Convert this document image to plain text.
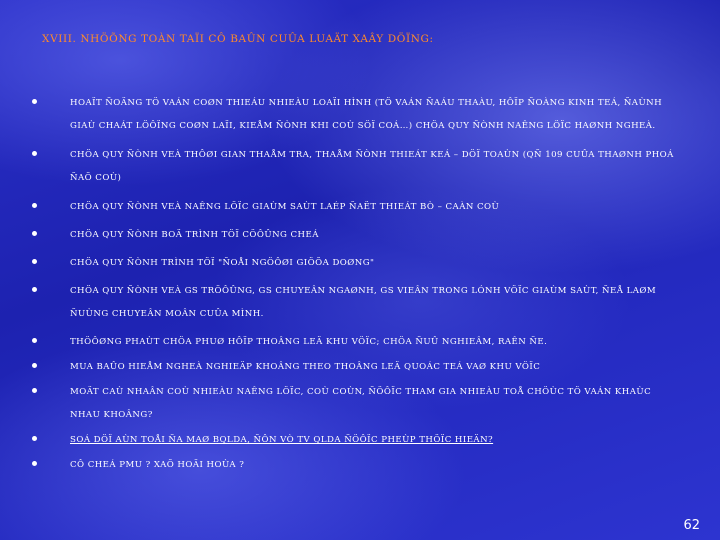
XVIII. NHÖÕNG TOÀN TAÏI CÔ BAÛN CUÛA LUAÄT XAÂY DÖÏNG:
HOAÏT ÑOÄNG TÖ VAÁN COØN THIEÁU NHIEÀU LOAÏI HÌNH (TÖ VAÁN ÑAÁU THAÀU, HÔÏP ÑOÀNG KINH TEÁ, ÑAÙNH GIAÙ CHAÁT LÖÔÏNG COØN LAÏI, KIEÅM ÑÒNH KHI COÙ SÖÏ COÁ…) CHÖA QUY ÑÒNH NAÊNG LÖÏC HAØNH NGHEÀ.
CHÖA QUY ÑÒNH VEÀ THÔØI GIAN THAÅM TRA, THAÅM ÑÒNH THIEÁT KEÁ – DÖÏ TOAÙN (QÑ 109 CUÛA THAØNH PHOÁ ÑAÕ COÙ)
CHÖA QUY ÑÒNH VEÀ NAÊNG LÖÏC GIAÙM SAÙT LAÉP ÑAËT THIEÁT BÒ – CAÀN COÙ
CHÖA QUY ÑÒNH BOÄ TRÌNH TÖÏ CÖÔÛNG CHEÁ
CHÖA QUY ÑÒNH TRÌNH TÖÏ "ÑOÅI NGÖÔØI GIÖÕA DOØNG"
CHÖA QUY ÑÒNH VEÀ GS TRÖÔÛNG, GS CHUYEÂN NGAØNH, GS VIEÂN TRONG LÓNH VÖÏC GIAÙM SAÙT, ÑEÅ LAØM ÑUÙNG CHUYEÂN MOÂN CUÛA MÌNH.
THÖÔØNG PHAÙT CHÖA PHUØ HÔÏP THOÂNG LEÄ KHU VÖÏC; CHÖA ÑUÛ NGHIEÂM, RAÊN ÑE.
MUA BAÛO HIEÅM NGHEÀ NGHIEÄP KHOÂNG THEO THOÂNG LEÄ QUOÁC TEÁ VAØ KHU VÖÏC
MOÄT CAÙ NHAÂN COÙ NHIEÀU NAÊNG LÖÏC, COÙ COÙN, ÑÖÔÏC THAM GIA NHIEÀU TOÅ CHÖÙC TÖ VAÁN KHAÙC NHAU KHOÂNG?
SOÁ DÖÏ AÙN TOÅI ÑA MAØ BQLDA, ÑÔN VÒ TV QLDA ÑÖÔÏC PHEÙP THÖÏC HIEÄN?
CÔ CHEÁ PMU ? XAÕ HOÄI HOÙA ?
62
